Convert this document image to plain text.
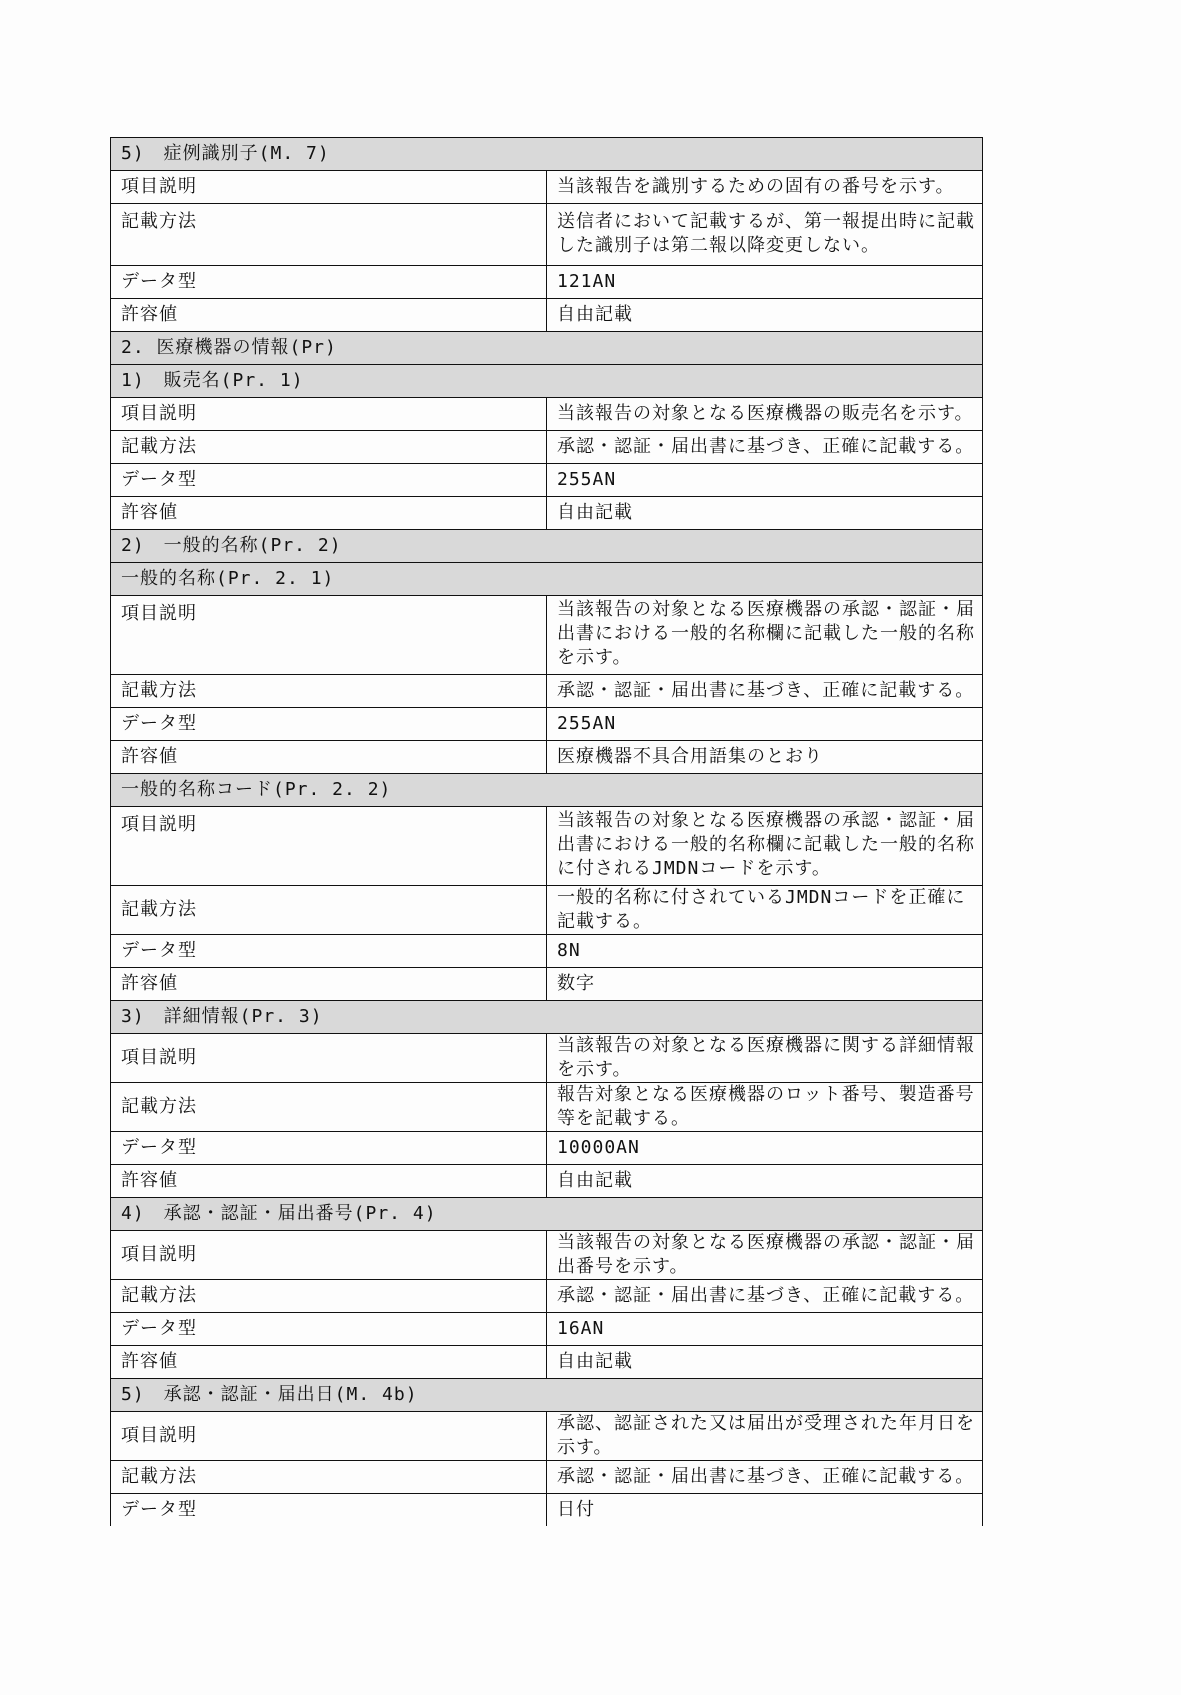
5)　症例識別子(M. 7)	
項目説明	当該報告を識別するための固有の番号を示す。
記載方法	送信者において記載するが、第一報提出時に記載した識別子は第二報以降変更しない。
データ型	121AN
許容値	自由記載
2. 医療機器の情報(Pr)	
1)　販売名(Pr. 1)	
項目説明	当該報告の対象となる医療機器の販売名を示す。
記載方法	承認・認証・届出書に基づき、正確に記載する。
データ型	255AN
許容値	自由記載
2)　一般的名称(Pr. 2)	
一般的名称(Pr. 2. 1)	
項目説明	当該報告の対象となる医療機器の承認・認証・届出書における一般的名称欄に記載した一般的名称を示す。
記載方法	承認・認証・届出書に基づき、正確に記載する。
データ型	255AN
許容値	医療機器不具合用語集のとおり
一般的名称コード(Pr. 2. 2)	
項目説明	当該報告の対象となる医療機器の承認・認証・届出書における一般的名称欄に記載した一般的名称に付されるJMDNコードを示す。
記載方法	一般的名称に付されているJMDNコードを正確に記載する。
データ型	8N
許容値	数字
3)　詳細情報(Pr. 3)	
項目説明	当該報告の対象となる医療機器に関する詳細情報を示す。
記載方法	報告対象となる医療機器のロット番号、製造番号等を記載する。
データ型	10000AN
許容値	自由記載
4)　承認・認証・届出番号(Pr. 4)	
項目説明	当該報告の対象となる医療機器の承認・認証・届出番号を示す。
記載方法	承認・認証・届出書に基づき、正確に記載する。
データ型	16AN
許容値	自由記載
5)　承認・認証・届出日(M. 4b)	
項目説明	承認、認証された又は届出が受理された年月日を示す。
記載方法	承認・認証・届出書に基づき、正確に記載する。
データ型	日付
